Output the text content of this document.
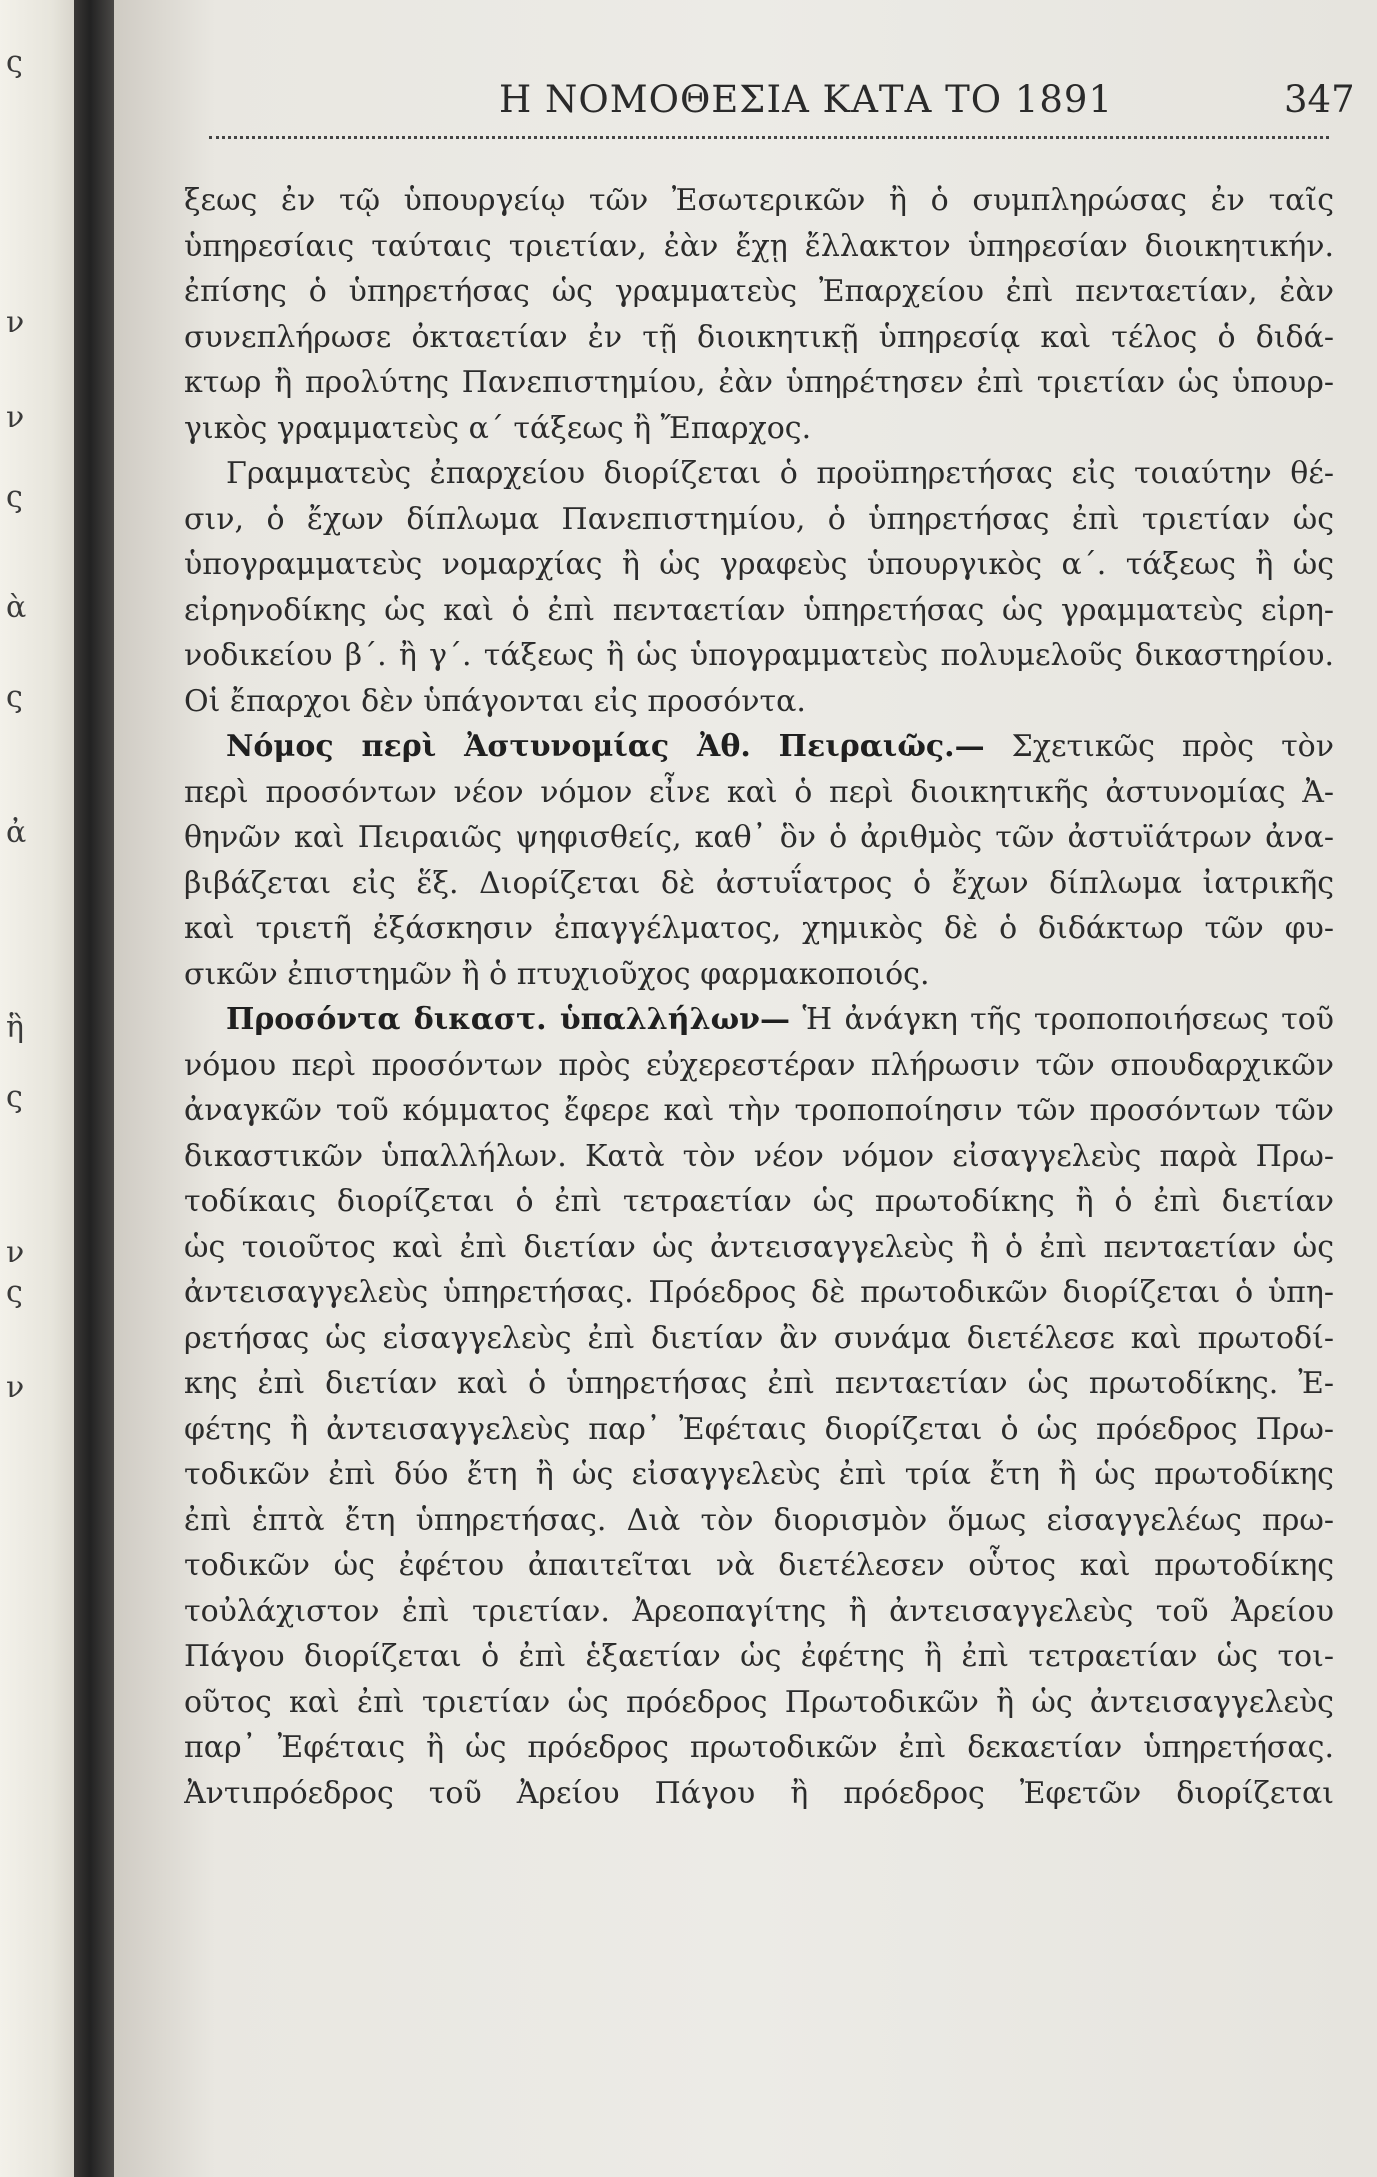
ς
ν
ν
ς
ὰ
ς
ἀ
ἣ
ς
ν
ς
ν
Η ΝΟΜΟΘΕΣΙΑ ΚΑΤΑ ΤΟ 1891	347
ξεως ἐν τῷ ὑπουργείῳ τῶν Ἐσωτερικῶν ἢ ὁ συμπληρώσας ἐν ταῖς
ὑπηρεσίαις ταύταις τριετίαν, ἐὰν ἔχῃ ἔλλακτον ὑπηρεσίαν διοικητικήν.
ἐπίσης ὁ ὑπηρετήσας ὡς γραμματεὺς Ἐπαρχείου ἐπὶ πενταετίαν, ἐὰν
συνεπλήρωσε ὀκταετίαν ἐν τῇ διοικητικῇ ὑπηρεσίᾳ καὶ τέλος ὁ διδά-
κτωρ ἢ προλύτης Πανεπιστημίου, ἐὰν ὑπηρέτησεν ἐπὶ τριετίαν ὡς ὑπουρ-
γικὸς γραμματεὺς α΄ τάξεως ἢ Ἔπαρχος.
Γραμματεὺς ἐπαρχείου διορίζεται ὁ προϋπηρετήσας εἰς τοιαύτην θέ-
σιν, ὁ ἔχων δίπλωμα Πανεπιστημίου, ὁ ὑπηρετήσας ἐπὶ τριετίαν ὡς
ὑπογραμματεὺς νομαρχίας ἢ ὡς γραφεὺς ὑπουργικὸς α΄. τάξεως ἢ ὡς
εἰρηνοδίκης ὡς καὶ ὁ ἐπὶ πενταετίαν ὑπηρετήσας ὡς γραμματεὺς εἰρη-
νοδικείου β΄. ἢ γ΄. τάξεως ἢ ὡς ὑπογραμματεὺς πολυμελοῦς δικαστηρίου.
Οἱ ἔπαρχοι δὲν ὑπάγονται εἰς προσόντα.
Νόμος περὶ Ἀστυνομίας Ἀθ. Πειραιῶς.— Σχετικῶς πρὸς τὸν
περὶ προσόντων νέον νόμον εἶνε καὶ ὁ περὶ διοικητικῆς ἀστυνομίας Ἀ-
θηνῶν καὶ Πειραιῶς ψηφισθείς, καθ᾽ ὃν ὁ ἀριθμὸς τῶν ἀστυϊάτρων ἀνα-
βιβάζεται εἰς ἕξ. Διορίζεται δὲ ἀστυΐατρος ὁ ἔχων δίπλωμα ἰατρικῆς
καὶ τριετῆ ἐξάσκησιν ἐπαγγέλματος, χημικὸς δὲ ὁ διδάκτωρ τῶν φυ-
σικῶν ἐπιστημῶν ἢ ὁ πτυχιοῦχος φαρμακοποιός.
Προσόντα δικαστ. ὑπαλλήλων— Ἡ ἀνάγκη τῆς τροποποιήσεως τοῦ
νόμου περὶ προσόντων πρὸς εὐχερεστέραν πλήρωσιν τῶν σπουδαρχικῶν
ἀναγκῶν τοῦ κόμματος ἔφερε καὶ τὴν τροποποίησιν τῶν προσόντων τῶν
δικαστικῶν ὑπαλλήλων. Κατὰ τὸν νέον νόμον εἰσαγγελεὺς παρὰ Πρω-
τοδίκαις διορίζεται ὁ ἐπὶ τετραετίαν ὡς πρωτοδίκης ἢ ὁ ἐπὶ διετίαν
ὡς τοιοῦτος καὶ ἐπὶ διετίαν ὡς ἀντεισαγγελεὺς ἢ ὁ ἐπὶ πενταετίαν ὡς
ἀντεισαγγελεὺς ὑπηρετήσας. Πρόεδρος δὲ πρωτοδικῶν διορίζεται ὁ ὑπη-
ρετήσας ὡς εἰσαγγελεὺς ἐπὶ διετίαν ἂν συνάμα διετέλεσε καὶ πρωτοδί-
κης ἐπὶ διετίαν καὶ ὁ ὑπηρετήσας ἐπὶ πενταετίαν ὡς πρωτοδίκης. Ἐ-
φέτης ἢ ἀντεισαγγελεὺς παρ᾽ Ἐφέταις διορίζεται ὁ ὡς πρόεδρος Πρω-
τοδικῶν ἐπὶ δύο ἔτη ἢ ὡς εἰσαγγελεὺς ἐπὶ τρία ἔτη ἢ ὡς πρωτοδίκης
ἐπὶ ἑπτὰ ἔτη ὑπηρετήσας. Διὰ τὸν διορισμὸν ὅμως εἰσαγγελέως πρω-
τοδικῶν ὡς ἐφέτου ἀπαιτεῖται νὰ διετέλεσεν οὗτος καὶ πρωτοδίκης
τοὐλάχιστον ἐπὶ τριετίαν. Ἀρεοπαγίτης ἢ ἀντεισαγγελεὺς τοῦ Ἀρείου
Πάγου διορίζεται ὁ ἐπὶ ἑξαετίαν ὡς ἐφέτης ἢ ἐπὶ τετραετίαν ὡς τοι-
οῦτος καὶ ἐπὶ τριετίαν ὡς πρόεδρος Πρωτοδικῶν ἢ ὡς ἀντεισαγγελεὺς
παρ᾽ Ἐφέταις ἢ ὡς πρόεδρος πρωτοδικῶν ἐπὶ δεκαετίαν ὑπηρετήσας.
Ἀντιπρόεδρος τοῦ Ἀρείου Πάγου ἢ πρόεδρος Ἐφετῶν διορίζεται
